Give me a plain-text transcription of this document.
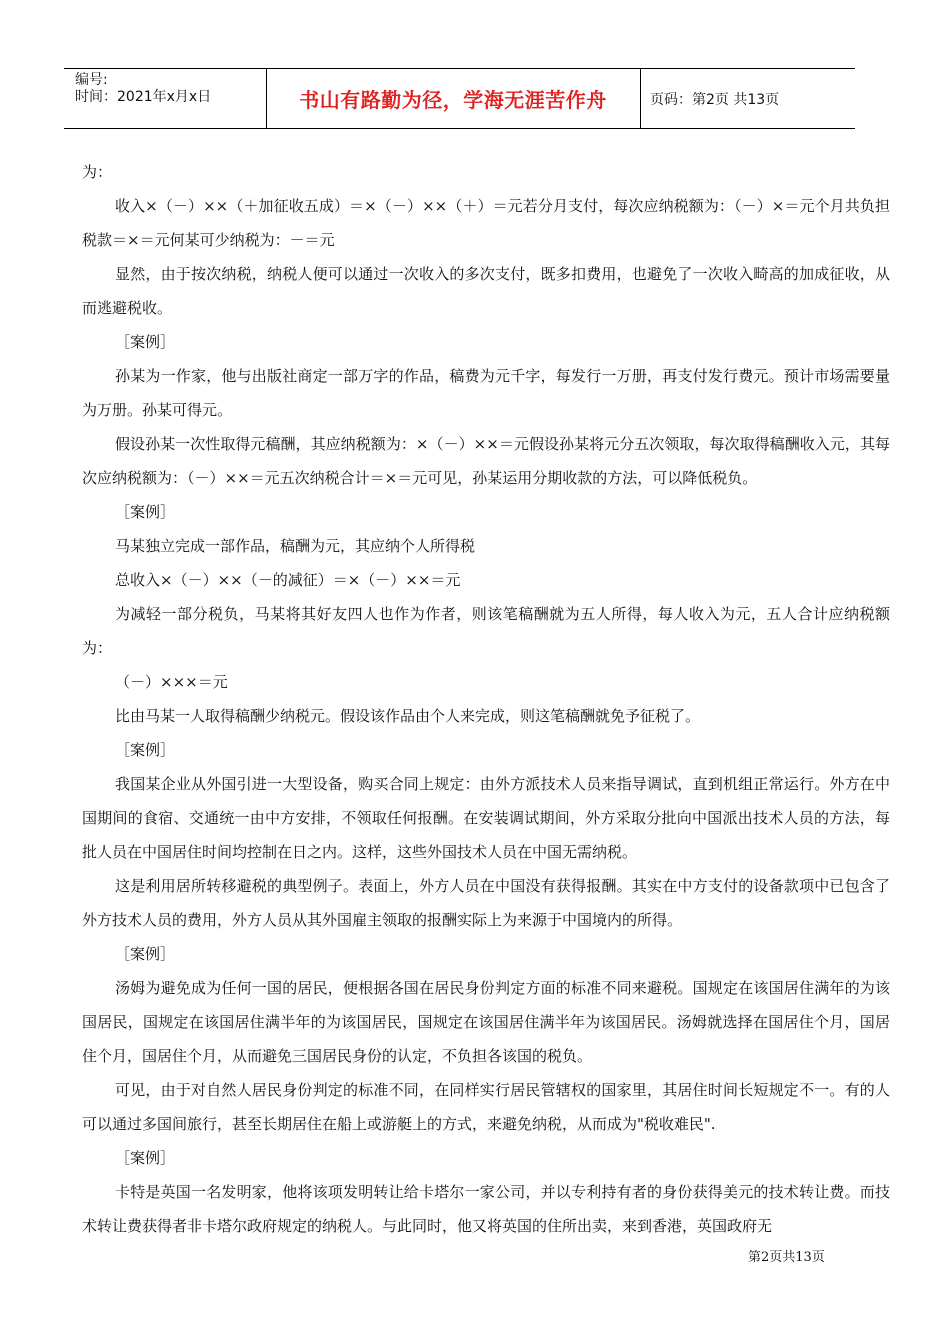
编号:
时间：2021年x月x日	书山有路勤为径，学海无涯苦作舟	页码：第2页 共13页

为：

收入×（－）××（＋加征收五成）＝×（－）××（＋）＝元若分月支付，每次应纳税额为：（－）×＝元个月共负担税款＝×＝元何某可少纳税为：－＝元

显然，由于按次纳税，纳税人便可以通过一次收入的多次支付，既多扣费用，也避免了一次收入畸高的加成征收，从而逃避税收。

［案例］

孙某为一作家，他与出版社商定一部万字的作品，稿费为元千字，每发行一万册，再支付发行费元。预计市场需要量为万册。孙某可得元。

假设孙某一次性取得元稿酬，其应纳税额为：×（－）××＝元假设孙某将元分五次领取，每次取得稿酬收入元，其每次应纳税额为：（－）××＝元五次纳税合计＝×＝元可见，孙某运用分期收款的方法，可以降低税负。

［案例］

马某独立完成一部作品，稿酬为元，其应纳个人所得税

总收入×（－）××（－的减征）＝×（－）××＝元

为减轻一部分税负，马某将其好友四人也作为作者，则该笔稿酬就为五人所得，每人收入为元，五人合计应纳税额为：

（－）×××＝元

比由马某一人取得稿酬少纳税元。假设该作品由个人来完成，则这笔稿酬就免予征税了。

［案例］

我国某企业从外国引进一大型设备，购买合同上规定：由外方派技术人员来指导调试，直到机组正常运行。外方在中国期间的食宿、交通统一由中方安排，不领取任何报酬。在安装调试期间，外方采取分批向中国派出技术人员的方法，每批人员在中国居住时间均控制在日之内。这样，这些外国技术人员在中国无需纳税。

这是利用居所转移避税的典型例子。表面上，外方人员在中国没有获得报酬。其实在中方支付的设备款项中已包含了外方技术人员的费用，外方人员从其外国雇主领取的报酬实际上为来源于中国境内的所得。

［案例］

汤姆为避免成为任何一国的居民，便根据各国在居民身份判定方面的标准不同来避税。国规定在该国居住满年的为该国居民，国规定在该国居住满半年的为该国居民，国规定在该国居住满半年为该国居民。汤姆就选择在国居住个月，国居住个月，国居住个月，从而避免三国居民身份的认定，不负担各该国的税负。

可见，由于对自然人居民身份判定的标准不同，在同样实行居民管辖权的国家里，其居住时间长短规定不一。有的人可以通过多国间旅行，甚至长期居住在船上或游艇上的方式，来避免纳税，从而成为"税收难民".

［案例］

卡特是英国一名发明家，他将该项发明转让给卡塔尔一家公司，并以专利持有者的身份获得美元的技术转让费。而技术转让费获得者非卡塔尔政府规定的纳税人。与此同时，他又将英国的住所出卖，来到香港，英国政府无

第2页共13页
